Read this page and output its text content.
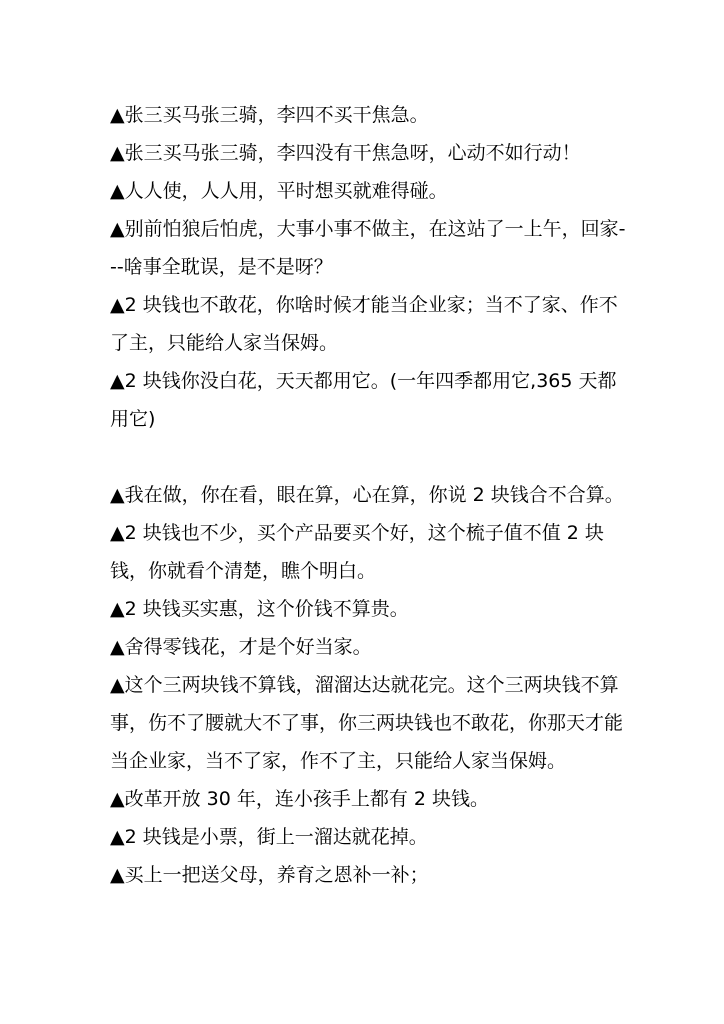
▲张三买马张三骑，李四不买干焦急。

▲张三买马张三骑，李四没有干焦急呀，心动不如行动！

▲人人使，人人用，平时想买就难得碰。

▲别前怕狼后怕虎，大事小事不做主，在这站了一上午，回家---啥事全耽误，是不是呀？

▲2 块钱也不敢花，你啥时候才能当企业家；当不了家、作不了主，只能给人家当保姆。

▲2 块钱你没白花，天天都用它。(一年四季都用它,365 天都用它)

▲我在做，你在看，眼在算，心在算，你说 2 块钱合不合算。

▲2 块钱也不少，买个产品要买个好，这个梳子值不值 2 块钱，你就看个清楚，瞧个明白。

▲2 块钱买实惠，这个价钱不算贵。

▲舍得零钱花，才是个好当家。

▲这个三两块钱不算钱，溜溜达达就花完。这个三两块钱不算事，伤不了腰就大不了事，你三两块钱也不敢花，你那天才能当企业家，当不了家，作不了主，只能给人家当保姆。

▲改革开放 30 年，连小孩手上都有 2 块钱。

▲2 块钱是小票，街上一溜达就花掉。

▲买上一把送父母，养育之恩补一补；
